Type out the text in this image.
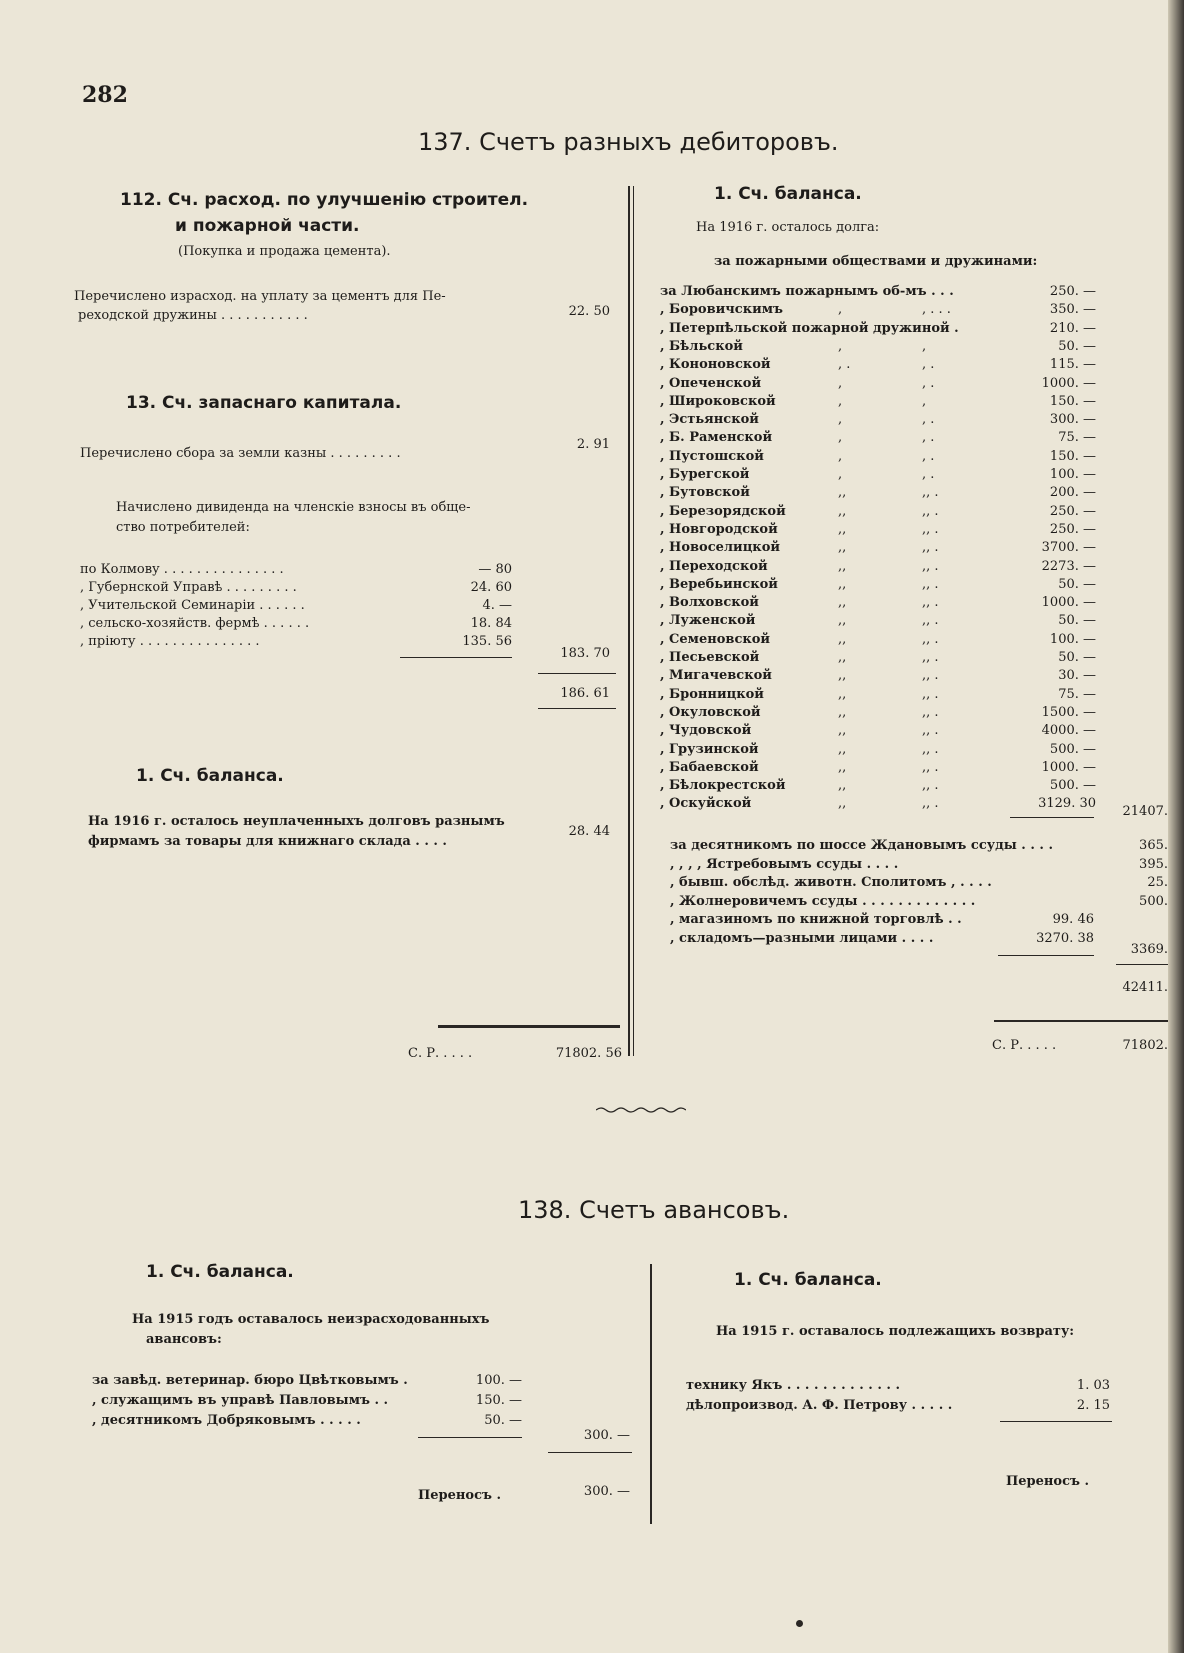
282
137. Счетъ разныхъ дебиторовъ.
112. Сч. расход. по улучшенію строител.
и пожарной части.
(Покупка и продажа цемента).
Перечислено израсход. на уплату за цементъ для Пе-
реходской дружины . . . . . . . . . . .	22. 50
13. Сч. запаснаго капитала.
Перечислено сбора за земли казны . . . . . . . . .
2. 91
Начислено дивиденда на членскіе взносы въ обще-
ство потребителей:
по Колмову . . . . . . . . . . . . . . .	— 80
, Губернской Управѣ . . . . . . . . .	24. 60
, Учительской Семинаріи . . . . . .	4. —
, сельско-хозяйств. фермѣ . . . . . .	18. 84
, пріюту . . . . . . . . . . . . . . .	135. 56
183. 70
186. 61
1. Сч. баланса.
На 1916 г. осталось неуплаченныхъ долговъ разнымъ
фирмамъ за товары для книжнаго склада . . . .
28. 44
С. Р. . . . .	71802. 56
1. Сч. баланса.
На 1916 г. осталось долга:
за пожарными обществами и дружинами:
за Любанскимъ пожарнымъ об-мъ . . .	250. —
, Боровичскимъ	,	, . . .	350. —
, Петерпѣльской пожарной дружиной .	210. —
, Бѣльской	,	,	50. —
, Кононовской	, .	, .	115. —
, Опеченской	,	, .	1000. —
, Широковской	,	,	150. —
, Эстьянской	,	, .	300. —
, Б. Раменской	,	, .	75. —
, Пустошской	,	, .	150. —
, Бурегской	,	, .	100. —
, Бутовской	,,	,, .	200. —
, Березорядской	,,	,, .	250. —
, Новгородской	,,	,, .	250. —
, Новоселицкой	,,	,, .	3700. —
, Переходской	,,	,, .	2273. —
, Веребьинской	,,	,, .	50. —
, Волховской	,,	,, .	1000. —
, Луженской	,,	,, .	50. —
, Семеновской	,,	,, .	100. —
, Песьевской	,,	,, .	50. —
, Мигачевской	,,	,, .	30. —
, Бронницкой	,,	,, .	75. —
, Окуловской	,,	,, .	1500. —
, Чудовской	,,	,, .	4000. —
, Грузинской	,,	,, .	500. —
, Бабаевской	,,	,, .	1000. —
, Бѣлокрестской	,,	,, .	500. —
, Оскуйской	,,	,, .	3129. 30
21407.
за десятникомъ по шоссе Ждановымъ ссуды . . . .	365.
, , , , Ястребовымъ ссуды . . . .	395.
, бывш. обслѣд. животн. Сполитомъ , . . . .	25.
, Жолнеровичемъ ссуды . . . . . . . . . . . . .	500.
, магазиномъ по книжной торговлѣ . .	99. 46
, складомъ—разными лицами . . . .	3270. 38
3369.
42411.
С. Р. . . . .	71802.
138. Счетъ авансовъ.
1. Сч. баланса.
На 1915 годъ оставалось неизрасходованныхъ
авансовъ:
за завѣд. ветеринар. бюро Цвѣтковымъ .	100. —
, служащимъ въ управѣ Павловымъ . .	150. —
, десятникомъ Добряковымъ . . . . .	50. —
300. —
Переносъ .	300. —
1. Сч. баланса.
На 1915 г. оставалось подлежащихъ возврату:
технику Якъ . . . . . . . . . . . . .	1. 03
дѣлопроизвод. А. Ф. Петрову . . . . .	2. 15
Переносъ .
